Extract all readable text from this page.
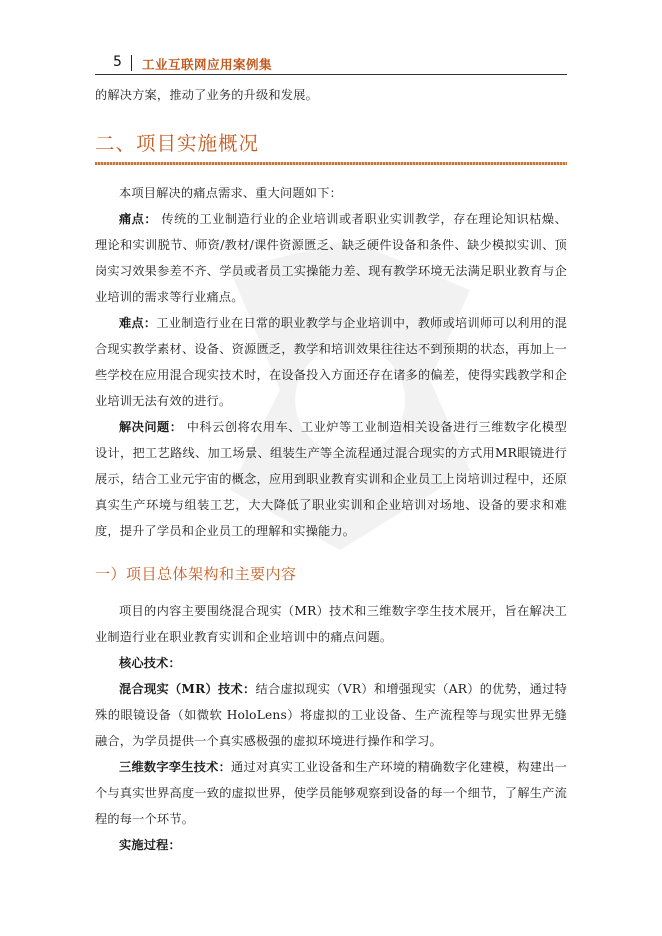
5 工业互联网应用案例集

的解决方案，推动了业务的升级和发展。

二、项目实施概况

本项目解决的痛点需求、重大问题如下：

痛点： 传统的工业制造行业的企业培训或者职业实训教学，存在理论知识枯燥、理论和实训脱节、师资/教材/课件资源匮乏、缺乏硬件设备和条件、缺少模拟实训、顶岗实习效果参差不齐、学员或者员工实操能力差、现有教学环境无法满足职业教育与企业培训的需求等行业痛点。

难点：工业制造行业在日常的职业教学与企业培训中，教师或培训师可以利用的混合现实教学素材、设备、资源匮乏，教学和培训效果往往达不到预期的状态，再加上一些学校在应用混合现实技术时，在设备投入方面还存在诸多的偏差，使得实践教学和企业培训无法有效的进行。

解决问题： 中科云创将农用车、工业炉等工业制造相关设备进行三维数字化模型设计，把工艺路线、加工场景、组装生产等全流程通过混合现实的方式用MR眼镜进行展示，结合工业元宇宙的概念，应用到职业教育实训和企业员工上岗培训过程中，还原真实生产环境与组装工艺，大大降低了职业实训和企业培训对场地、设备的要求和难度，提升了学员和企业员工的理解和实操能力。

一）项目总体架构和主要内容

项目的内容主要围绕混合现实（MR）技术和三维数字孪生技术展开，旨在解决工业制造行业在职业教育实训和企业培训中的痛点问题。

核心技术：

混合现实（MR）技术：结合虚拟现实（VR）和增强现实（AR）的优势，通过特殊的眼镜设备（如微软 HoloLens）将虚拟的工业设备、生产流程等与现实世界无缝融合，为学员提供一个真实感极强的虚拟环境进行操作和学习。

三维数字孪生技术：通过对真实工业设备和生产环境的精确数字化建模，构建出一个与真实世界高度一致的虚拟世界，使学员能够观察到设备的每一个细节，了解生产流程的每一个环节。

实施过程：
